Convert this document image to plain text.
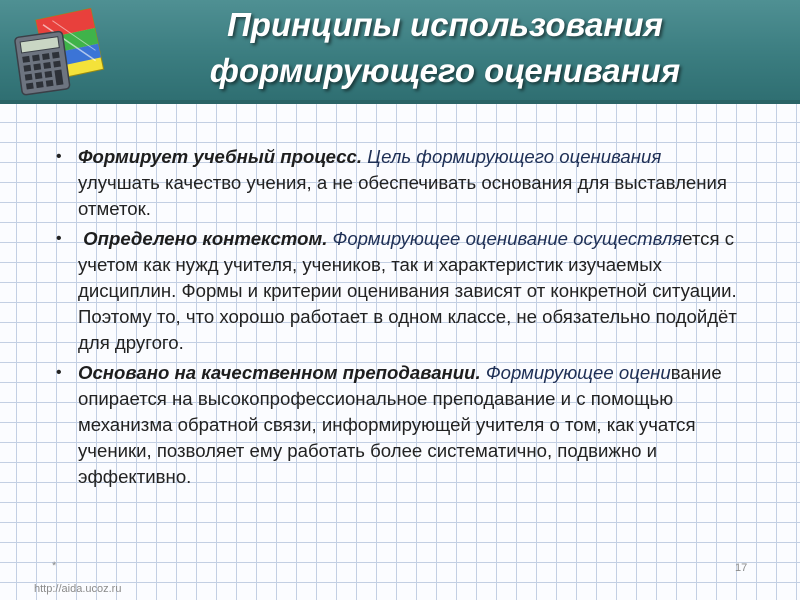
Принципы использования
формирующего оценивания
• Формирует учебный процесс. Цель формирующего оценивания улучшать качество учения, а не обеспечивать основания для выставления отметок.
• Определено контекстом. Формирующее оценивание осуществляется с учетом как нужд учителя, учеников, так и характеристик изучаемых дисциплин. Формы и критерии оценивания зависят от конкретной ситуации. Поэтому то, что хорошо работает в одном классе, не обязательно подойдёт для другого.
• Основано на качественном преподавании. Формирующее оценивание опирается на высокопрофессиональное преподавание и с помощью механизма обратной связи, информирующей учителя о том, как учатся ученики, позволяет ему работать более систематично, подвижно и эффективно.
*
http://aida.ucoz.ru
17
